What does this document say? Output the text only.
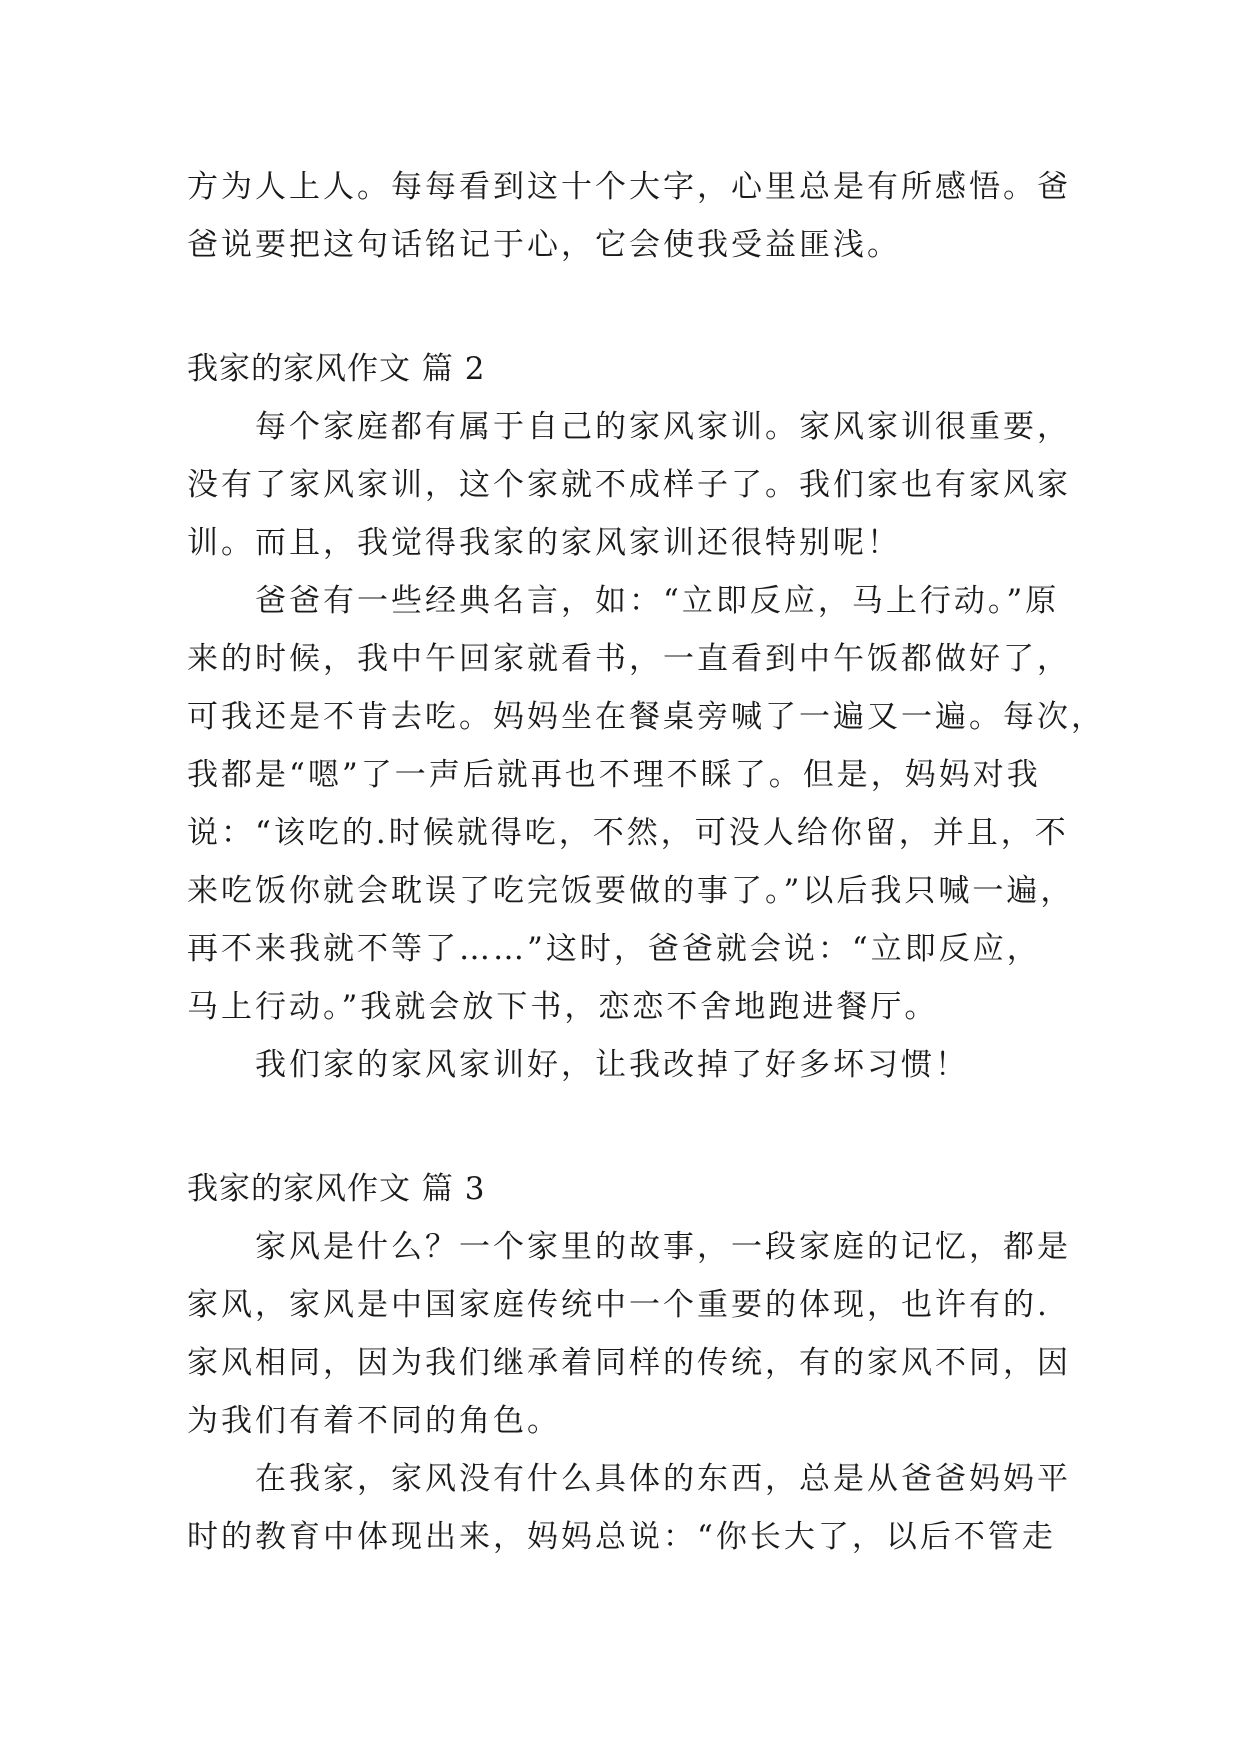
方为人上人。每每看到这十个大字，心里总是有所感悟。爸
爸说要把这句话铭记于心，它会使我受益匪浅。
我家的家风作文 篇 2
每个家庭都有属于自己的家风家训。家风家训很重要，
没有了家风家训，这个家就不成样子了。我们家也有家风家
训。而且，我觉得我家的家风家训还很特别呢！
爸爸有一些经典名言，如：“立即反应，马上行动。”原
来的时候，我中午回家就看书，一直看到中午饭都做好了，
可我还是不肯去吃。妈妈坐在餐桌旁喊了一遍又一遍。每次，
我都是“嗯”了一声后就再也不理不睬了。但是，妈妈对我
说：“该吃的.时候就得吃，不然，可没人给你留，并且，不
来吃饭你就会耽误了吃完饭要做的事了。”以后我只喊一遍，
再不来我就不等了……”这时，爸爸就会说：“立即反应，
马上行动。”我就会放下书，恋恋不舍地跑进餐厅。
我们家的家风家训好，让我改掉了好多坏习惯！
我家的家风作文 篇 3
家风是什么？一个家里的故事，一段家庭的记忆，都是
家风，家风是中国家庭传统中一个重要的体现，也许有的.
家风相同，因为我们继承着同样的传统，有的家风不同，因
为我们有着不同的角色。
在我家，家风没有什么具体的东西，总是从爸爸妈妈平
时的教育中体现出来，妈妈总说：“你长大了，以后不管走
